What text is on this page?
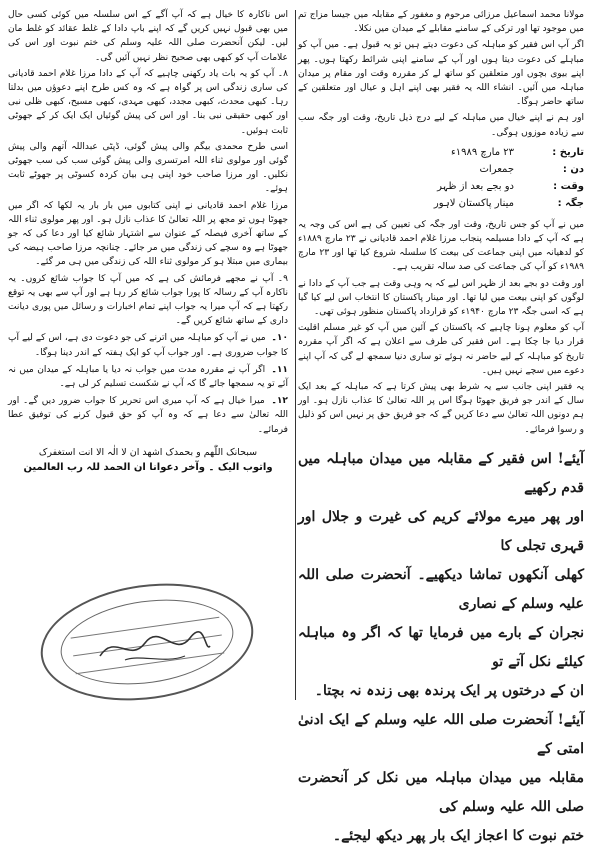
مولانا محمد اسماعیل مرزائی مرحوم و مغفور کے مقابلہ میں جیسا مزاج تم میں موجود تھا اور ترکی کے سامنے مقابلے کے میدان میں نکلا۔

اگر آپ اس فقیر کو مباہلہ کی دعوت دیتے ہیں تو یہ قبول ہے۔ میں آپ کو مباہلے کی دعوت دیتا ہوں اور آپ کے سامنے اپنی شرائط رکھتا ہوں۔ پھر اپنے بیوی بچوں اور متعلقین کو ساتھ لے کر مقررہ وقت اور مقام پر میدان مباہلہ میں آئیں۔ انشاء اللہ یہ فقیر بھی اپنے اہل و عیال اور متعلقین کے ساتھ حاضر ہوگا۔

اور ہم نے اپنے خیال میں مباہلہ کے لیے درج ذیل تاریخ، وقت اور جگہ سب سے زیادہ موزوں ہوگی۔

تاریخ :
۲۳ مارچ ۱۹۸۹ء
دن :
جمعرات
وقت :
دو بجے بعد از ظہر
جگہ :
مینار پاکستان لاہور

میں نے آپ کو جس تاریخ، وقت اور جگہ کی تعیین کی ہے اس کی وجہ یہ ہے کہ آپ کے دادا مسیلمہ پنجاب مرزا غلام احمد قادیانی نے ۲۳ مارچ ۱۸۸۹ء کو لدھیانہ میں اپنی جماعت کی بیعت کا سلسلہ شروع کیا تھا اور ۲۳ مارچ ۱۹۸۹ء کو آپ کی جماعت کی صد سالہ تقریب ہے۔

اور وقت دو بجے بعد از ظہر اس لیے کہ یہ وہی وقت ہے جب آپ کے دادا نے لوگوں کو اپنی بیعت میں لیا تھا۔ اور مینار پاکستان کا انتخاب اس لیے کیا گیا ہے کہ اسی جگہ ۲۳ مارچ ۱۹۴۰ء کو قرارداد پاکستان منظور ہوئی تھی۔

آپ کو معلوم ہونا چاہیے کہ پاکستان کے آئین میں آپ کو غیر مسلم اقلیت قرار دیا جا چکا ہے۔ اس فقیر کی طرف سے اعلان ہے کہ اگر آپ مقررہ تاریخ کو مباہلہ کے لیے حاضر نہ ہوئے تو ساری دنیا سمجھ لے گی کہ آپ اپنے دعوے میں سچے نہیں ہیں۔

یہ فقیر اپنی جانب سے یہ شرط بھی پیش کرتا ہے کہ مباہلہ کے بعد ایک سال کے اندر جو فریق جھوٹا ہوگا اس پر اللہ تعالیٰ کا عذاب نازل ہو۔ اور ہم دونوں اللہ تعالیٰ سے دعا کریں گے کہ جو فریق حق پر نہیں اس کو ذلیل و رسوا فرمائے۔

آیئے! اس فقیر کے مقابلہ میں میدان مباہلہ میں قدم رکھیے
اور پھر میرے مولائے کریم کی غیرت و جلال اور قہری تجلی کا
کھلی آنکھوں تماشا دیکھیے۔ آنحضرت صلی اللہ علیہ وسلم کے نصاری
نجران کے بارے میں فرمایا تھا کہ اگر وہ مباہلہ کیلئے نکل آتے تو
ان کے درختوں پر ایک پرندہ بھی زندہ نہ بچتا۔
آیئے! آنحضرت صلی اللہ علیہ وسلم کے ایک ادنیٰ امتی کے
مقابلہ میں میدان مباہلہ میں نکل کر آنحضرت صلی اللہ علیہ وسلم کی
ختم نبوت کا اعجاز ایک بار پھر دیکھ لیجئے۔

اس ناکارہ کا خیال ہے کہ آپ آگے کے اس سلسلہ میں کوئی کسی حال میں بھی قبول نہیں کریں گے کہ اپنے باپ دادا کے غلط عقائد کو غلط مان لیں۔ لیکن آنحضرت صلی اللہ علیہ وسلم کی ختم نبوت اور اس کی علامات آپ کو کبھی بھی صحیح نظر نہیں آئیں گی۔

۸۔ آپ کو یہ بات یاد رکھنی چاہیے کہ آپ کے دادا مرزا غلام احمد قادیانی کی ساری زندگی اس پر گواہ ہے کہ وہ کس طرح اپنے دعوؤں میں بدلتا رہا۔ کبھی محدث، کبھی مجدد، کبھی مہدی، کبھی مسیح، کبھی ظلی نبی اور کبھی حقیقی نبی بنا۔ اور اس کی پیش گوئیاں ایک ایک کر کے جھوٹی ثابت ہوئیں۔

اسی طرح محمدی بیگم والی پیش گوئی، ڈپٹی عبداللہ آتھم والی پیش گوئی اور مولوی ثناء اللہ امرتسری والی پیش گوئی سب کی سب جھوٹی نکلیں۔ اور مرزا صاحب خود اپنی ہی بیان کردہ کسوٹی پر جھوٹے ثابت ہوئے۔

مرزا غلام احمد قادیانی نے اپنی کتابوں میں بار بار یہ لکھا کہ اگر میں جھوٹا ہوں تو مجھ پر اللہ تعالیٰ کا عذاب نازل ہو۔ اور پھر مولوی ثناء اللہ کے ساتھ آخری فیصلہ کے عنوان سے اشتہار شائع کیا اور دعا کی کہ جو جھوٹا ہے وہ سچے کی زندگی میں مر جائے۔ چنانچہ مرزا صاحب ہیضہ کی بیماری میں مبتلا ہو کر مولوی ثناء اللہ کی زندگی میں ہی مر گئے۔

۹۔ آپ نے مجھے فرمائش کی ہے کہ میں آپ کا جواب شائع کروں۔ یہ ناکارہ آپ کے رسالہ کا پورا جواب شائع کر رہا ہے اور آپ سے بھی یہ توقع رکھتا ہے کہ آپ میرا یہ جواب اپنے تمام اخبارات و رسائل میں پوری دیانت داری کے ساتھ شائع کریں گے۔

۱۰۔ میں نے آپ کو مباہلہ میں اترنے کی جو دعوت دی ہے، اس کے لیے آپ کا جواب ضروری ہے۔ اور جواب آپ کو ایک ہفتہ کے اندر دینا ہوگا۔
۱۱۔ اگر آپ نے مقررہ مدت میں جواب نہ دیا یا مباہلہ کے میدان میں نہ آئے تو یہ سمجھا جائے گا کہ آپ نے شکست تسلیم کر لی ہے۔
۱۲۔ میرا خیال ہے کہ آپ میری اس تحریر کا جواب ضرور دیں گے۔ اور اللہ تعالیٰ سے دعا ہے کہ وہ آپ کو حق قبول کرنے کی توفیق عطا فرمائے۔
سبحانک اللّٰھم و بحمدک اشھد ان لا الٰہ الا انت استغفرک
واتوب الیک ۔ وآخر دعوانا ان الحمد للہ رب العالمین
